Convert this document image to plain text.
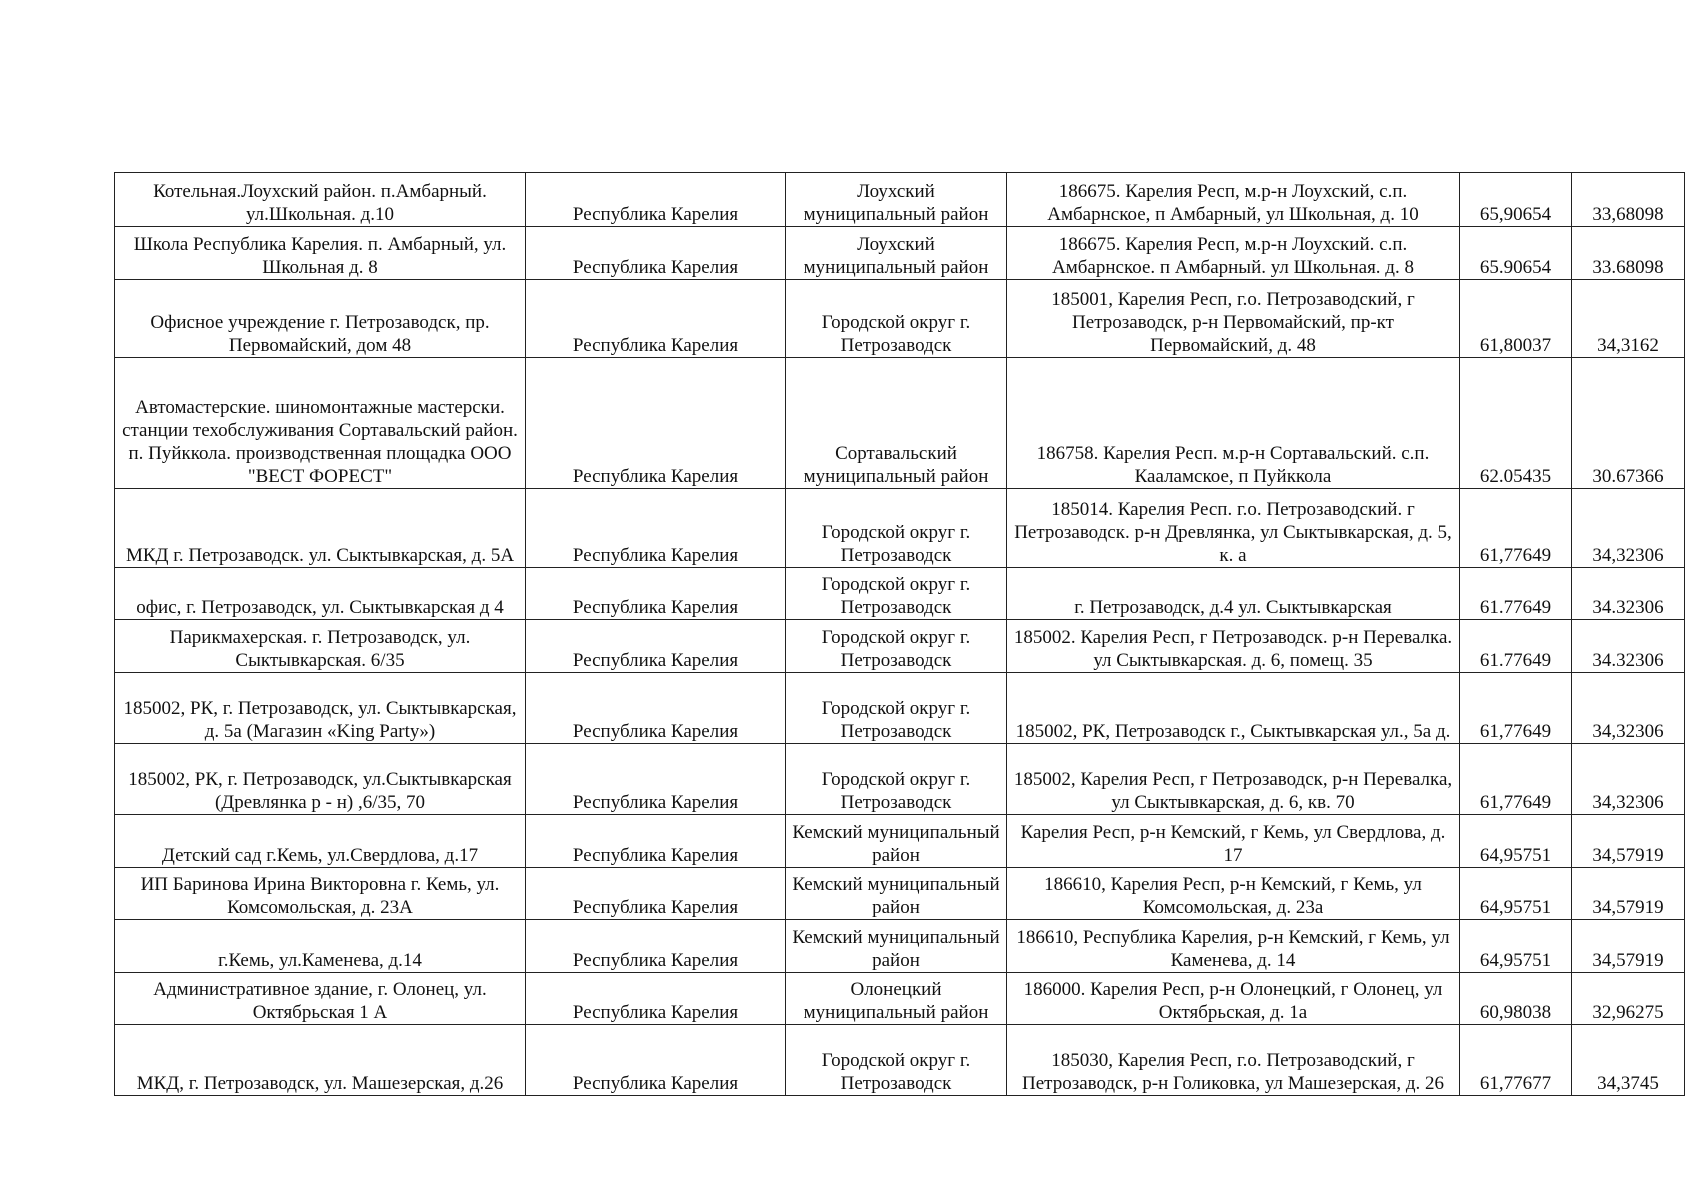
Котельная.Лоухский район. п.Амбарный. ул.Школьная. д.10	Республика Карелия	Лоухский муниципальный район	186675. Карелия Респ, м.р-н Лоухский, с.п. Амбарнское, п Амбарный, ул Школьная, д. 10	65,90654	33,68098
Школа Республика Карелия. п. Амбарный, ул. Школьная д. 8	Республика Карелия	Лоухский муниципальный район	186675. Карелия Респ, м.р-н Лоухский. с.п. Амбарнское. п Амбарный. ул Школьная. д. 8	65.90654	33.68098
Офисное учреждение г. Петрозаводск, пр. Первомайский, дом 48	Республика Карелия	Городской округ г. Петрозаводск	185001, Карелия Респ, г.о. Петрозаводский, г Петрозаводск, р-н Первомайский, пр-кт Первомайский, д. 48	61,80037	34,3162
Автомастерские. шиномонтажные мастерски. станции техобслуживания Сортавальский район. п. Пуйккола. производственная площадка ООО "ВЕСТ ФОРЕСТ"	Республика Карелия	Сортавальский муниципальный район	186758. Карелия Респ. м.р-н Сортавальский. с.п. Кааламское, п Пуйккола	62.05435	30.67366
МКД г. Петрозаводск. ул. Сыктывкарская, д. 5А	Республика Карелия	Городской округ г. Петрозаводск	185014. Карелия Респ. г.о. Петрозаводский. г Петрозаводск. р-н Древлянка, ул Сыктывкарская, д. 5, к. а	61,77649	34,32306
офис, г. Петрозаводск, ул. Сыктывкарская д 4	Республика Карелия	Городской округ г. Петрозаводск	г. Петрозаводск, д.4 ул. Сыктывкарская	61.77649	34.32306
Парикмахерская. г. Петрозаводск, ул. Сыктывкарская. 6/35	Республика Карелия	Городской округ г. Петрозаводск	185002. Карелия Респ, г Петрозаводск. р-н Перевалка. ул Сыктывкарская. д. 6, помещ. 35	61.77649	34.32306
185002, РК, г. Петрозаводск, ул. Сыктывкарская, д. 5а (Магазин «King Party»)	Республика Карелия	Городской округ г. Петрозаводск	185002, РК, Петрозаводск г., Сыктывкарская ул., 5а д.	61,77649	34,32306
185002, РК, г. Петрозаводск, ул.Сыктывкарская (Древлянка р - н) ,6/35, 70	Республика Карелия	Городской округ г. Петрозаводск	185002, Карелия Респ, г Петрозаводск, р-н Перевалка, ул Сыктывкарская, д. 6, кв. 70	61,77649	34,32306
Детский сад г.Кемь, ул.Свердлова, д.17	Республика Карелия	Кемский муниципальный район	Карелия Респ, р-н Кемский, г Кемь, ул Свердлова, д. 17	64,95751	34,57919
ИП Баринова Ирина Викторовна г. Кемь, ул. Комсомольская, д. 23А	Республика Карелия	Кемский муниципальный район	186610, Карелия Респ, р-н Кемский, г Кемь, ул Комсомольская, д. 23а	64,95751	34,57919
г.Кемь, ул.Каменева, д.14	Республика Карелия	Кемский муниципальный район	186610, Республика Карелия, р-н Кемский, г Кемь, ул Каменева, д. 14	64,95751	34,57919
Административное здание, г. Олонец, ул. Октябрьская 1 А	Республика Карелия	Олонецкий муниципальный район	186000. Карелия Респ, р-н Олонецкий, г Олонец, ул Октябрьская, д. 1а	60,98038	32,96275
МКД, г. Петрозаводск, ул. Машезерская, д.26	Республика Карелия	Городской округ г. Петрозаводск	185030, Карелия Респ, г.о. Петрозаводский, г Петрозаводск, р-н Голиковка, ул Машезерская, д. 26	61,77677	34,3745
